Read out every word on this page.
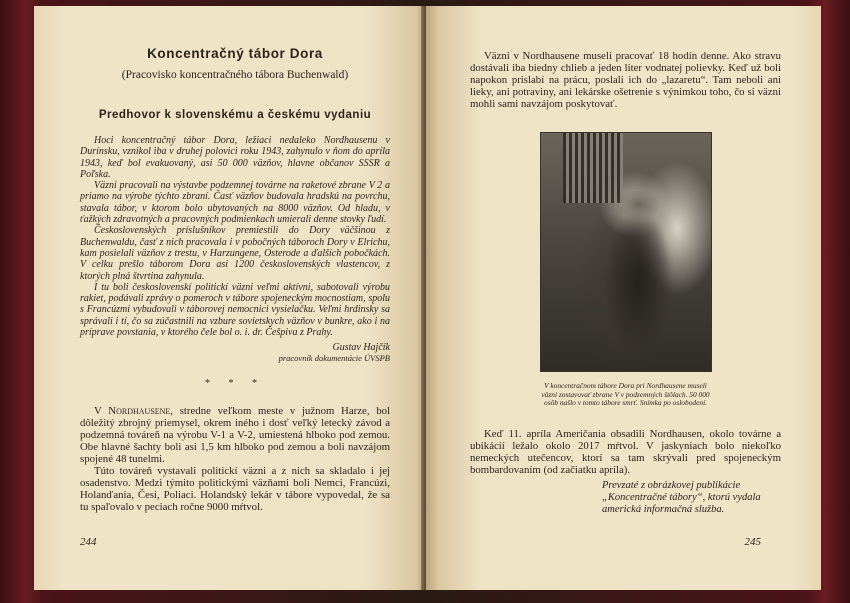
Koncentračný tábor Dora
(Pracovisko koncentračného tábora Buchenwald)
Predhovor k slovenskému a českému vydaniu

Hoci koncentračný tábor Dora, ležiaci nedaleko Nordhausenu v Durínsku, vznikol iba v druhej polovici roku 1943, zahynulo v ňom do apríla 1943, keď bol evakuovaný, asi 50 000 väzňov, hlavne občanov SSSR a Poľska.

Väzni pracovali na výstavbe podzemnej továrne na raketové zbrane V 2 a priamo na výrobe týchto zbraní. Časť väzňov budovala hradskú na povrchu, stavala tábor, v ktorom bolo ubytovaných na 8000 väzňov. Od hladu, v ťažkých zdravotných a pracovných podmienkach umierali denne stovky ľudí.

Československých príslušníkov premiestili do Dory väčšinou z Buchenwaldu, časť z nich pracovala i v pobočných táboroch Dory v Elrichu, kam posielali väzňov z trestu, v Harzungene, Osterode a ďalších pobočkách. V celku prešlo táborom Dora asi 1200 československých vlastencov, z ktorých plná štvrtina zahynula.

I tu boli československí politickí väzni veľmi aktívni, sabotovali výrobu rakiet, podávali zprávy o pomeroch v tábore spojeneckým mocnostiam, spolu s Francúzmi vybudovali v táborovej nemocnici vysielačku. Veľmi hrdinsky sa správali i tí, čo sa zúčastnili na vzbure sovietskych väzňov v bunkre, ako i na príprave povstania, v ktorého čele bol o. i. dr. Češpiva z Prahy.

Gustav Hajčík
pracovník dokumentácie ÚVSPB
* * *

V Nordhausene, stredne veľkom meste v južnom Harze, bol dôležitý zbrojný priemysel, okrem iného i dosť veľký letecký závod a podzemná továreň na výrobu V-1 a V-2, umiestená hlboko pod zemou. Obe hlavné šachty boli asi 1,5 km hlboko pod zemou a boli navzájom spojené 48 tunelmi.

Túto továreň vystavali politickí väzni a z nich sa skladalo i jej osadenstvo. Medzi týmito politickými väzňami boli Nemci, Francúzi, Holanďania, Česi, Poliaci. Holandský lekár v tábore vypovedal, že sa tu spaľovalo v peciach ročne 9000 mŕtvol.

244

Väzni v Nordhausene museli pracovať 18 hodín denne. Ako stravu dostávali iba biedny chlieb a jeden liter vodnatej polievky. Keď už boli napokon prislabí na prácu, poslali ich do „lazaretu“. Tam neboli ani lieky, ani potraviny, ani lekárske ošetrenie s výnimkou toho, čo si väzni mohli sami navzájom poskytovať.

V koncentračnom tábore Dora pri Nordhausene museli väzni zostavovať zbrane V v podzemných štôlach. 50 000 osôb našlo v tomto tábore smrť. Snímka po oslobodení.

Keď 11. apríla Američania obsadili Nordhausen, okolo továrne a ubikácií ležalo okolo 2017 mŕtvol. V jaskyniach bolo niekoľko nemeckých utečencov, ktorí sa tam skrývali pred spojeneckým bombardovaním (od začiatku apríla).

Prevzaté z obrázkovej publikácie „Koncentračné tábory“, ktorú vydala americká informačná služba.
245
